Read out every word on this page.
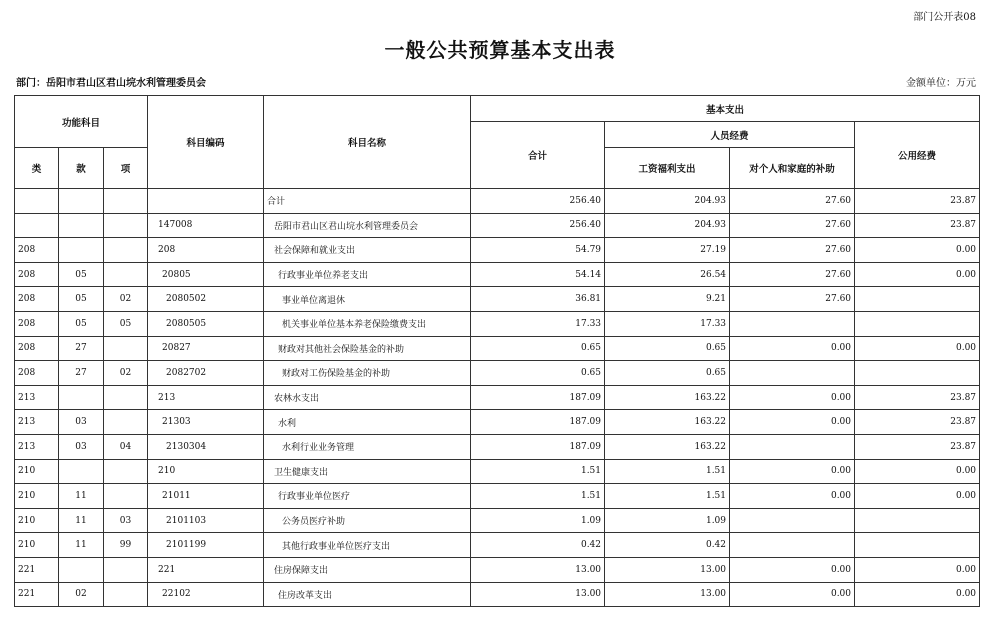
部门公开表08
一般公共预算基本支出表
部门：岳阳市君山区君山垸水利管理委员会	金额单位：万元
功能科目			科目编码	科目名称	基本支出			
					合计	人员经费		公用经费
类	款	项				工资福利支出	对个人和家庭的补助	
				合计	256.40	204.93	27.60	23.87
			147008	岳阳市君山区君山垸水利管理委员会	256.40	204.93	27.60	23.87
208			208	社会保障和就业支出	54.79	27.19	27.60	0.00
208	05		20805	行政事业单位养老支出	54.14	26.54	27.60	0.00
208	05	02	2080502	事业单位离退休	36.81	9.21	27.60	
208	05	05	2080505	机关事业单位基本养老保险缴费支出	17.33	17.33		
208	27		20827	财政对其他社会保险基金的补助	0.65	0.65	0.00	0.00
208	27	02	2082702	财政对工伤保险基金的补助	0.65	0.65		
213			213	农林水支出	187.09	163.22	0.00	23.87
213	03		21303	水利	187.09	163.22	0.00	23.87
213	03	04	2130304	水利行业业务管理	187.09	163.22		23.87
210			210	卫生健康支出	1.51	1.51	0.00	0.00
210	11		21011	行政事业单位医疗	1.51	1.51	0.00	0.00
210	11	03	2101103	公务员医疗补助	1.09	1.09		
210	11	99	2101199	其他行政事业单位医疗支出	0.42	0.42		
221			221	住房保障支出	13.00	13.00	0.00	0.00
221	02		22102	住房改革支出	13.00	13.00	0.00	0.00
